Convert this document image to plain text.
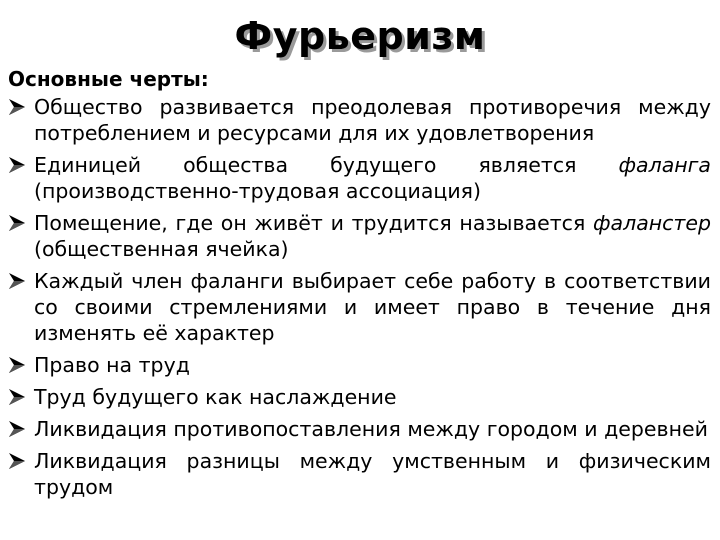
Фурьеризм

Основные черты:

Общество развивается преодолевая противоречия между потреблением и ресурсами для их удовлетворения
Единицей общества будущего является фаланга (производственно-трудовая ассоциация)
Помещение, где он живёт и трудится называется фаланстер (общественная ячейка)
Каждый член фаланги выбирает себе работу в соответствии со своими стремлениями и имеет право в течение дня изменять её характер
Право на труд
Труд будущего как наслаждение
Ликвидация противопоставления между городом и деревней
Ликвидация разницы между умственным и физическим трудом
